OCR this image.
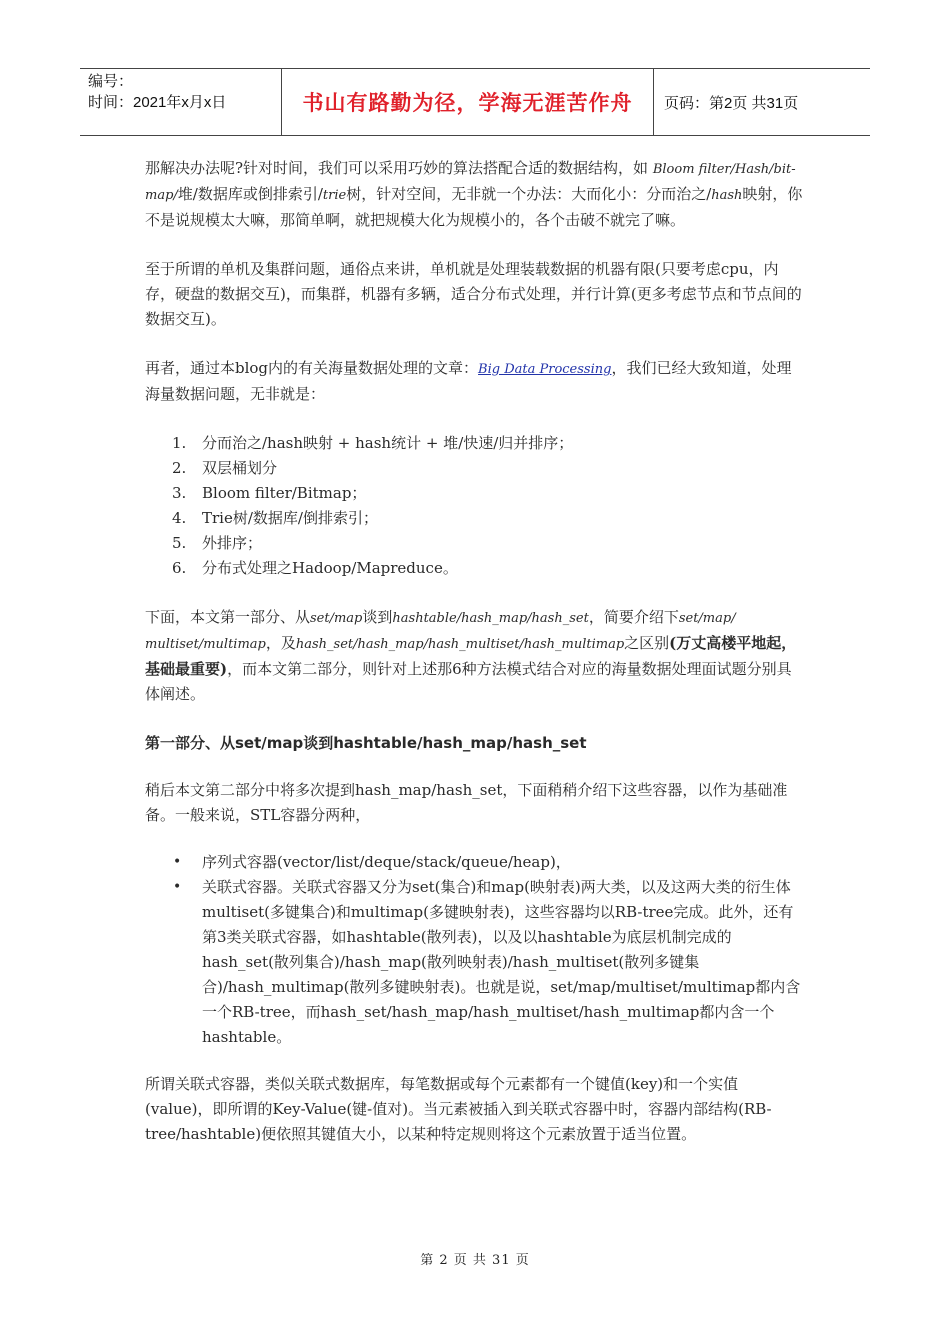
编号：
时间：2021年x月x日	书山有路勤为径，学海无涯苦作舟 页码：第2页 共31页

那解决办法呢?针对时间，我们可以采用巧妙的算法搭配合适的数据结构，如 Bloom filter/Hash/bit-map/堆/数据库或倒排索引/trie树，针对空间，无非就一个办法：大而化小：分而治之/hash映射，你不是说规模太大嘛，那简单啊，就把规模大化为规模小的，各个击破不就完了嘛。

至于所谓的单机及集群问题，通俗点来讲，单机就是处理装载数据的机器有限(只要考虑cpu，内存，硬盘的数据交互)，而集群，机器有多辆，适合分布式处理，并行计算(更多考虑节点和节点间的数据交互)。

再者，通过本blog内的有关海量数据处理的文章：Big Data Processing，我们已经大致知道，处理海量数据问题，无非就是：

1. 分而治之/hash映射 + hash统计 + 堆/快速/归并排序；
2. 双层桶划分
3. Bloom filter/Bitmap；
4. Trie树/数据库/倒排索引；
5. 外排序；
6. 分布式处理之Hadoop/Mapreduce。

下面，本文第一部分、从set/map谈到hashtable/hash_map/hash_set，简要介绍下set/map/ multiset/multimap，及hash_set/hash_map/hash_multiset/hash_multimap之区别(万丈高楼平地起，基础最重要)，而本文第二部分，则针对上述那6种方法模式结合对应的海量数据处理面试题分别具体阐述。

第一部分、从set/map谈到hashtable/hash_map/hash_set

稍后本文第二部分中将多次提到hash_map/hash_set，下面稍稍介绍下这些容器，以作为基础准备。一般来说，STL容器分两种，

• 序列式容器(vector/list/deque/stack/queue/heap)，
• 关联式容器。关联式容器又分为set(集合)和map(映射表)两大类，以及这两大类的衍生体multiset(多键集合)和multimap(多键映射表)，这些容器均以RB-tree完成。此外，还有第3类关联式容器，如hashtable(散列表)，以及以hashtable为底层机制完成的hash_set(散列集合)/hash_map(散列映射表)/hash_multiset(散列多键集合)/hash_multimap(散列多键映射表)。也就是说，set/map/multiset/multimap都内含一个RB-tree，而hash_set/hash_map/hash_multiset/hash_multimap都内含一个hashtable。

所谓关联式容器，类似关联式数据库，每笔数据或每个元素都有一个键值(key)和一个实值(value)，即所谓的Key-Value(键-值对)。当元素被插入到关联式容器中时，容器内部结构(RB-tree/hashtable)便依照其键值大小，以某种特定规则将这个元素放置于适当位置。

第 2 页 共 31 页
